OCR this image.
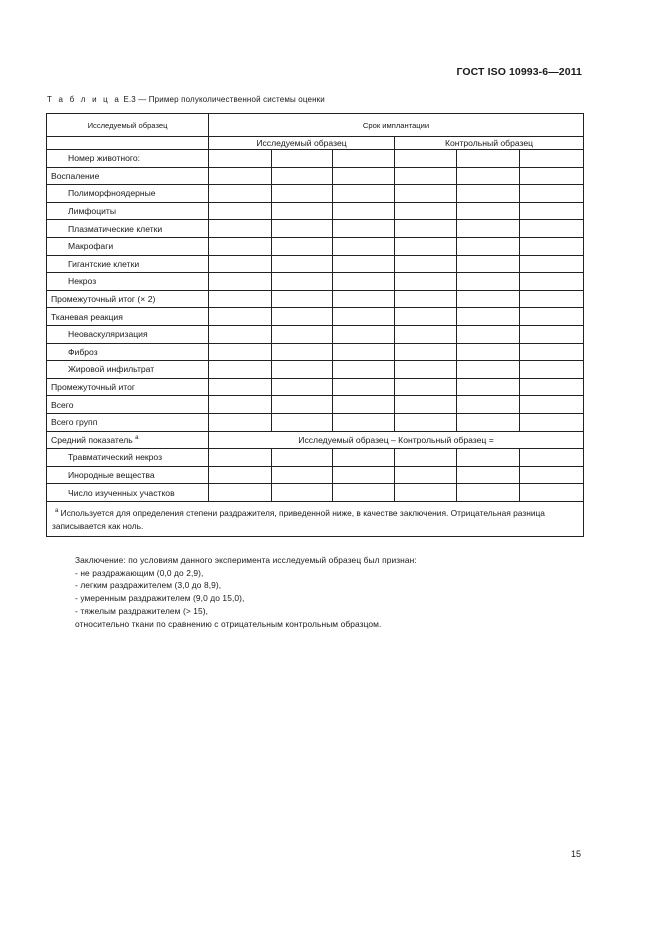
ГОСТ ISO 10993-6—2011
Т а б л и ц а Е.3 — Пример полуколичественной системы оценки
Исследуемый образец	Срок имплантации					
	Исследуемый образец			Контрольный образец		
Номер животного:						
Воспаление						
Полиморфноядерные						
Лимфоциты						
Плазматические клетки						
Макрофаги						
Гигантские клетки						
Некроз						
Промежуточный итог (× 2)						
Тканевая реакция						
Неоваскуляризация						
Фиброз						
Жировой инфильтрат						
Промежуточный итог						
Всего						
Всего групп						
Средний показатель $^a$	Исследуемый образец – Контрольный образец =					
Травматический некроз						
Инородные вещества						
Число изученных участков						
$^a$ Используется для определения степени раздражителя, приведенной ниже, в качестве заключения. Отрицательная разница записывается как ноль.						
Заключение: по условиям данного эксперимента исследуемый образец был признан:
- не раздражающим (0,0 до 2,9),
- легким раздражителем (3,0 до 8,9),
- умеренным раздражителем (9,0 до 15,0),
- тяжелым раздражителем (> 15),
относительно ткани по сравнению с отрицательным контрольным образцом.
15
